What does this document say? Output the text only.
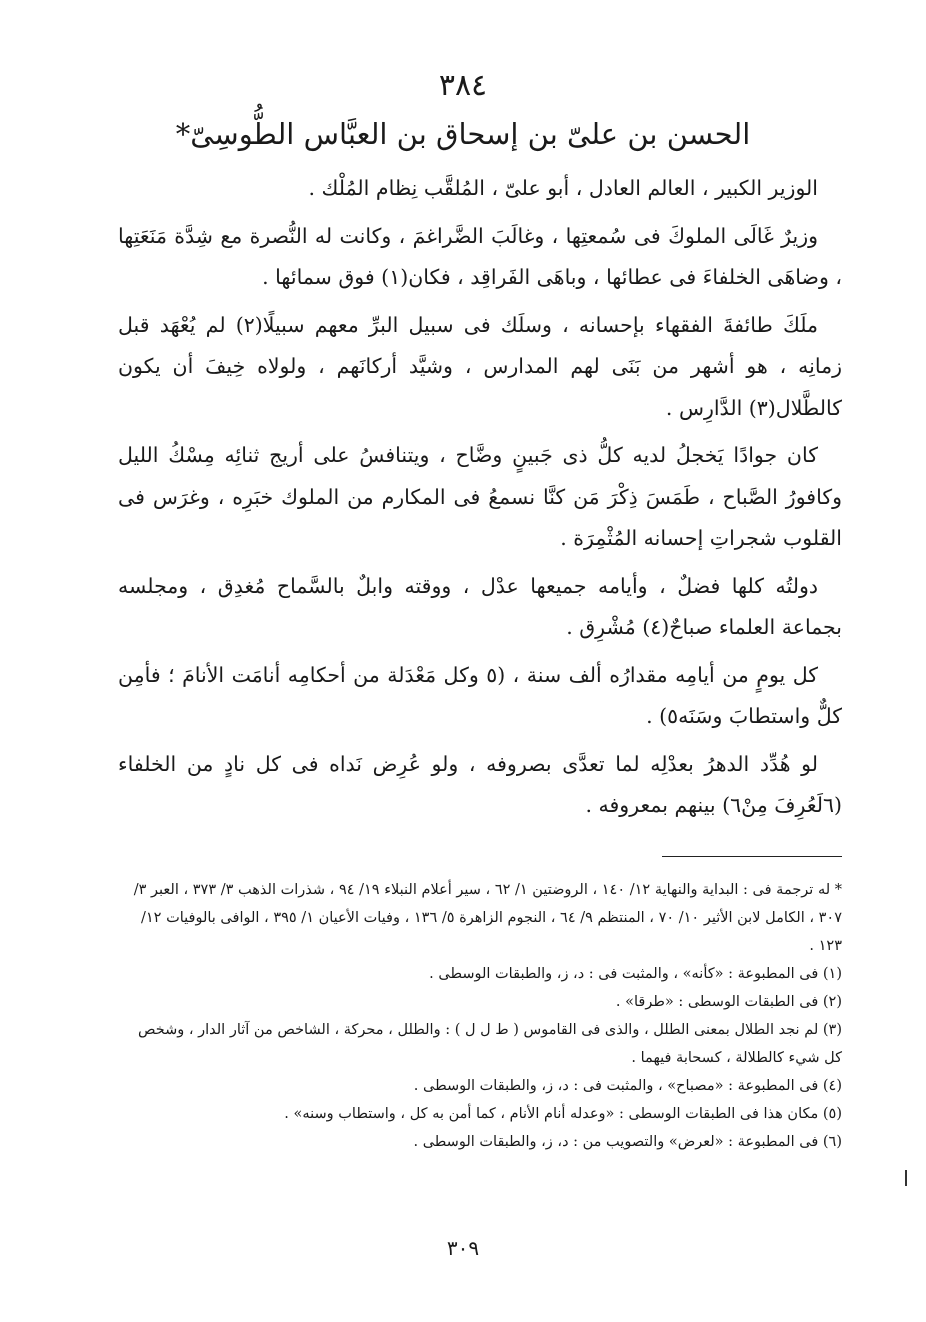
٣٨٤
الحسن بن علىّ بن إسحاق بن العبَّاس الطُّوسِىّ*

الوزير الكبير ، العالم العادل ، أبو علىّ ، المُلقَّب نِظام المُلْك .

وزيرٌ غَالَى الملوكَ فى سُمعتِها ، وغالَبَ الضَّراغمَ ، وكانت له النُّصرة مع شِدَّة مَنَعَتِها ، وضاهَى الخلفاءَ فى عطائها ، وباهَى الفَراقِد ، فكان(١) فوق سمائها .

ملَكَ طائفةَ الفقهاء بإحسانه ، وسلَك فى سبيل البرِّ معهم سبيلًا(٢) لم يُعْهَد قبل زمانِه ، هو أشهر من بَنَى لهم المدارس ، وشيَّد أركانَهم ، ولولاه خِيفَ أن يكون كالطَّلال(٣) الدَّارِس .

كان جوادًا يَخجلُ لديه كلُّ ذى جَبينٍ وضَّاح ، ويتنافسُ على أريج ثنائِه مِسْكُ الليل وكافورُ الصَّباح ، طَمَسَ ذِكْرَ مَن كنَّا نسمعُ فى المكارم من الملوك خبَرِه ، وغرَس فى القلوب شجراتِ إحسانه المُثْمِرَة .

دولتُه كلها فضلٌ ، وأيامه جميعها عدْل ، ووقته وابلٌ بالسَّماح مُغدِق ، ومجلسه بجماعة العلماء صباحٌ(٤) مُشْرِق .

كل يومٍ من أيامِه مقدارُه ألف سنة ، (٥ وكل مَعْدَلة من أحكامِه أنامَت الأنامَ ؛ فأمِن كلٌّ واستطابَ وسَنَه٥) .

لو هُدِّد الدهرُ بعدْلِه لما تعدَّى بصروفه ، ولو عُرِض نَداه فى كل نادٍ من الخلفاء (٦لَعُرِفَ مِنْ٦) بينهم بمعروفه .

* له ترجمة فى : البداية والنهاية ١٢/ ١٤٠ ، الروضتين ١/ ٦٢ ، سير أعلام النبلاء ١٩/ ٩٤ ، شذرات الذهب ٣/ ٣٧٣ ، العبر ٣/ ٣٠٧ ، الكامل لابن الأثير ١٠/ ٧٠ ، المنتظم ٩/ ٦٤ ، النجوم الزاهرة ٥/ ١٣٦ ، وفيات الأعيان ١/ ٣٩٥ ، الوافى بالوفيات ١٢/ ١٢٣ .

(١) فى المطبوعة : «كأنه» ، والمثبت فى : د، ز، والطبقات الوسطى .

(٢) فى الطبقات الوسطى : «طرقا» .

(٣) لم نجد الطلال بمعنى الطلل ، والذى فى القاموس ( ط ل ل ) : والطلل ، محركة ، الشاخص من آثار الدار ، وشخص كل شيء كالطلالة ، كسحابة فيهما .

(٤) فى المطبوعة : «مصباح» ، والمثبت فى : د، ز، والطبقات الوسطى .

(٥) مكان هذا فى الطبقات الوسطى : «وعدله أنام الأنام ، كما أمن به كل ، واستطاب وسنه» .

(٦) فى المطبوعة : «لعرض» والتصويب من : د، ز، والطبقات الوسطى .

٣٠٩
